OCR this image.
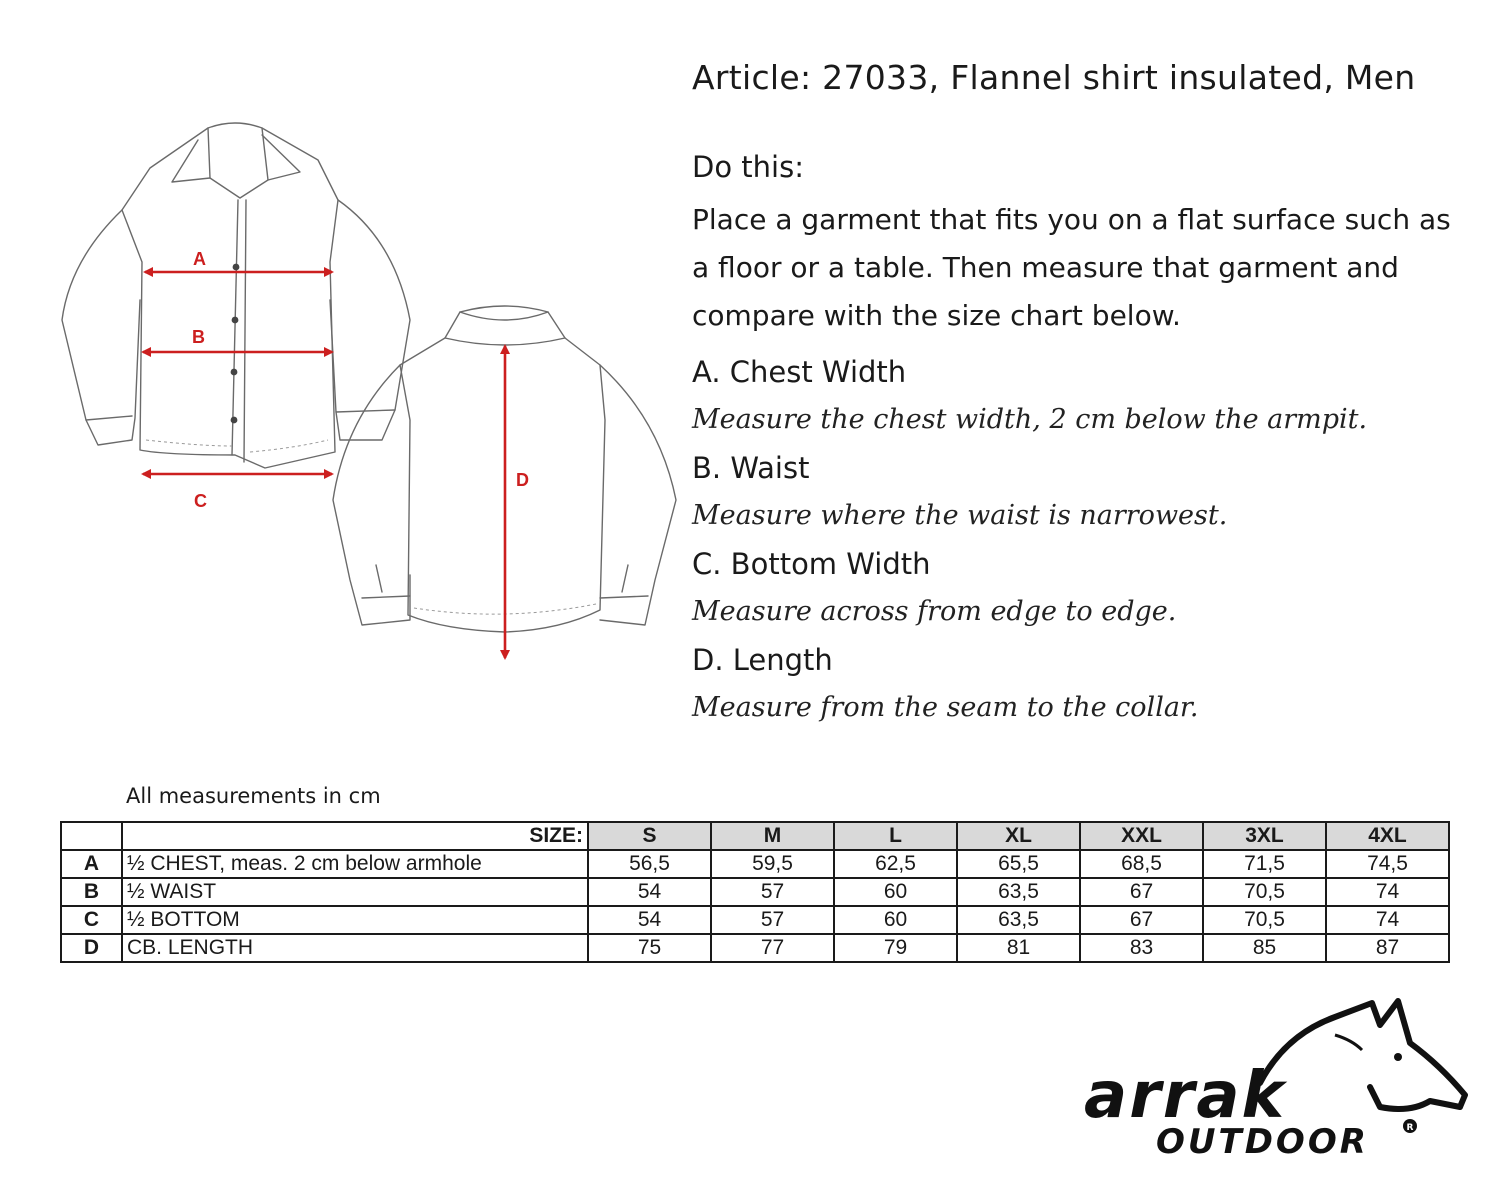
A
B
C
D
Article: 27033, Flannel shirt insulated, Men
Do this:
Place a garment that fits you on a flat surface such as a floor or a table. Then measure that garment and compare with the size chart below.
A. Chest Width
Measure the chest width, 2 cm below the armpit.
B. Waist
Measure where the waist is narrowest.
C. Bottom Width
Measure across from edge to edge.
D. Length
Measure from the seam to the collar.
All measurements in cm
	SIZE:	S	M	L	XL	XXL	3XL	4XL
A	½ CHEST, meas. 2 cm below armhole	56,5	59,5	62,5	65,5	68,5	71,5	74,5
B	½ WAIST	54	57	60	63,5	67	70,5	74
C	½ BOTTOM	54	57	60	63,5	67	70,5	74
D	CB. LENGTH	75	77	79	81	83	85	87
arrak
OUTDOOR	R
